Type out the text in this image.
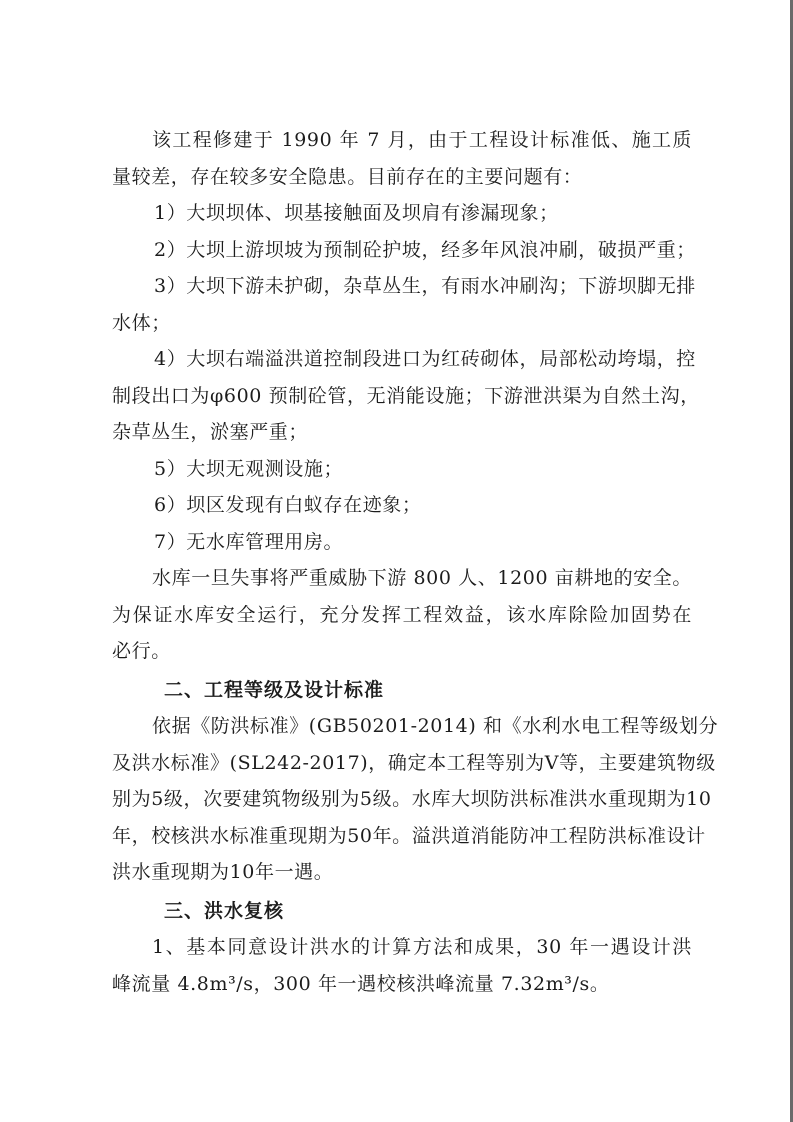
该工程修建于 1990 年 7 月，由于工程设计标准低、施工质
量较差，存在较多安全隐患。目前存在的主要问题有：
1）大坝坝体、坝基接触面及坝肩有渗漏现象；
2）大坝上游坝坡为预制砼护坡，经多年风浪冲刷，破损严重；
3）大坝下游未护砌，杂草丛生，有雨水冲刷沟；下游坝脚无排
水体；
4）大坝右端溢洪道控制段进口为红砖砌体，局部松动垮塌，控
制段出口为φ600 预制砼管，无消能设施；下游泄洪渠为自然土沟，
杂草丛生，淤塞严重；
5）大坝无观测设施；
6）坝区发现有白蚁存在迹象；
7）无水库管理用房。
水库一旦失事将严重威胁下游 800 人、1200 亩耕地的安全。
为保证水库安全运行，充分发挥工程效益，该水库除险加固势在
必行。
二、工程等级及设计标准
依据《防洪标准》(GB50201-2014) 和《水利水电工程等级划分
及洪水标准》(SL242-2017)，确定本工程等别为Ⅴ等，主要建筑物级
别为5级，次要建筑物级别为5级。水库大坝防洪标准洪水重现期为10
年，校核洪水标准重现期为50年。溢洪道消能防冲工程防洪标准设计
洪水重现期为10年一遇。
三、洪水复核
1、基本同意设计洪水的计算方法和成果，30 年一遇设计洪
峰流量 4.8m³/s，300 年一遇校核洪峰流量 7.32m³/s。
